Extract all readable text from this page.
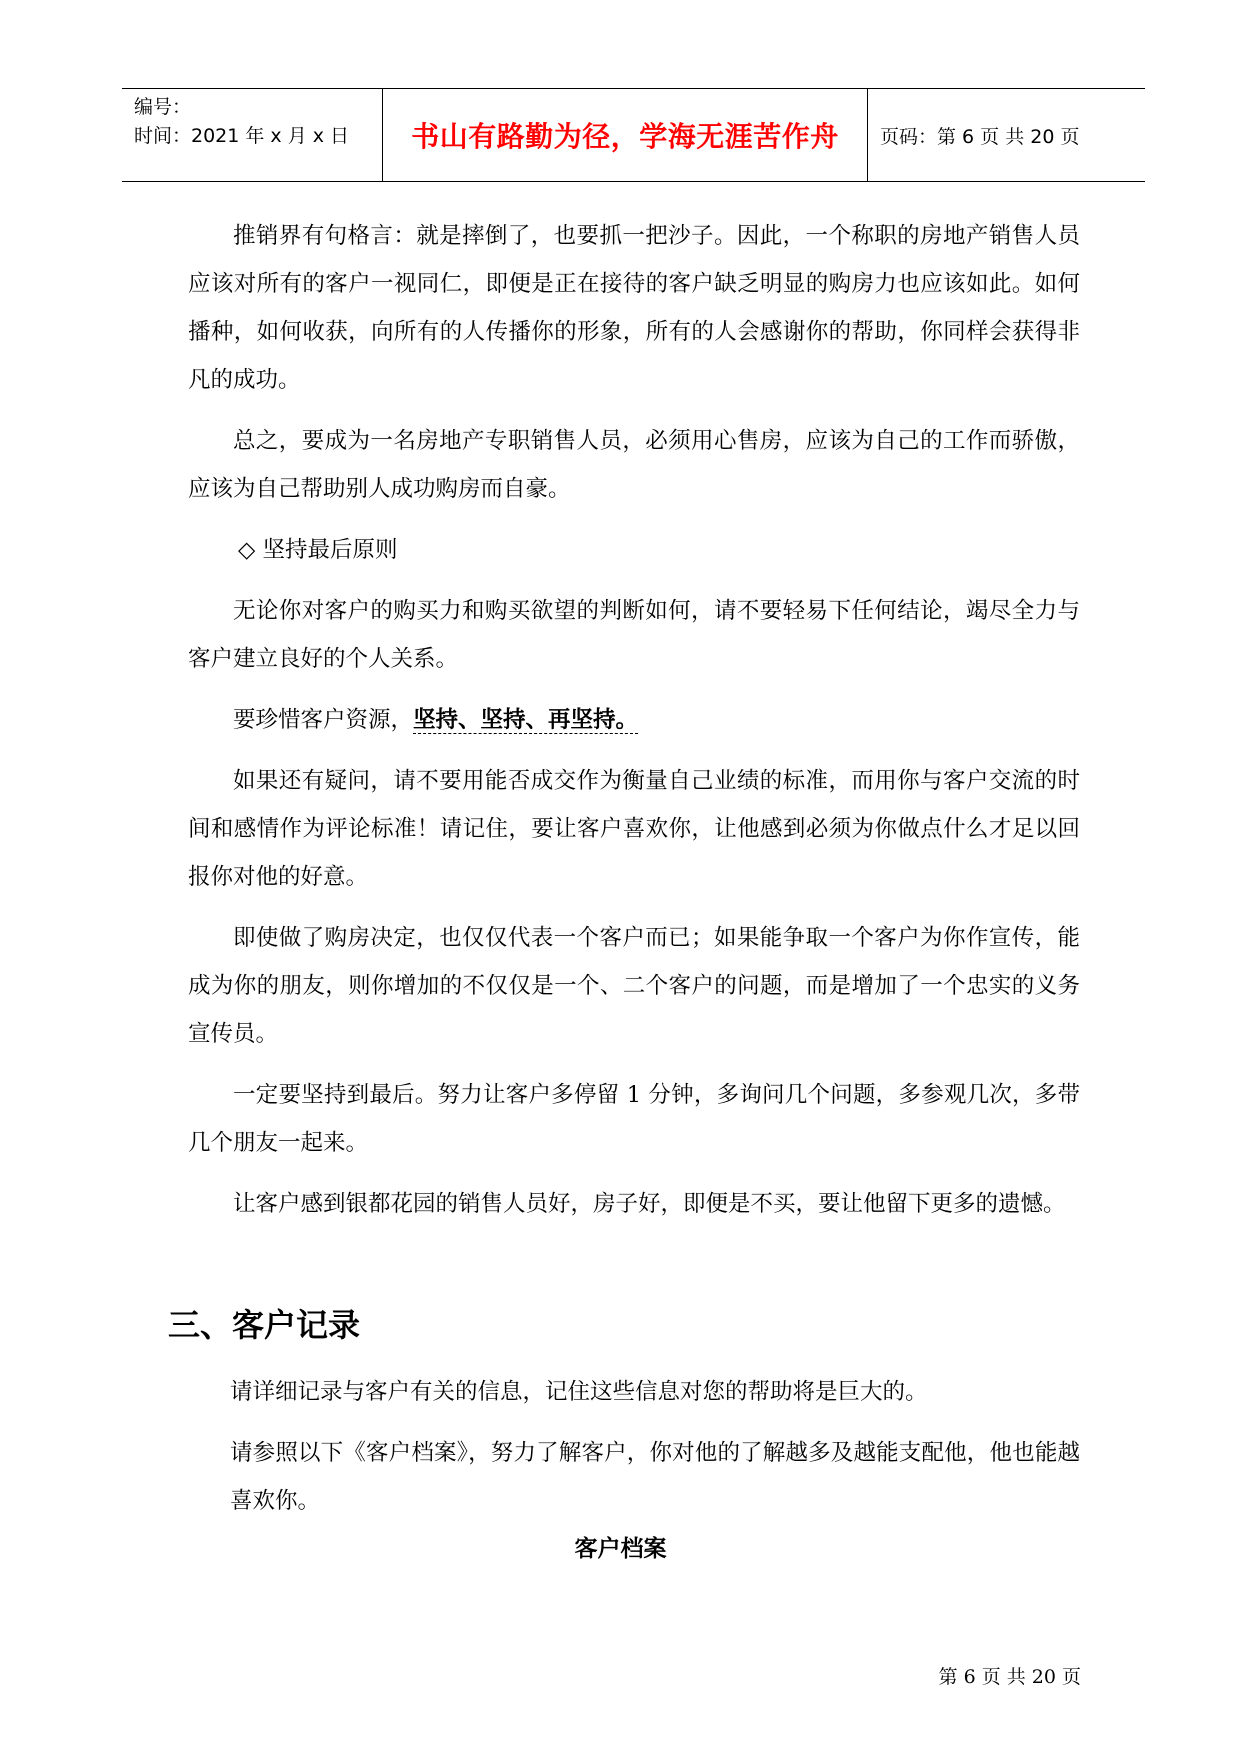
编号：
时间：2021 年 x 月 x 日	书山有路勤为径，学海无涯苦作舟	页码：第 6 页 共 20 页

推销界有句格言：就是摔倒了，也要抓一把沙子。因此，一个称职的房地产销售人员应该对所有的客户一视同仁，即便是正在接待的客户缺乏明显的购房力也应该如此。如何播种，如何收获，向所有的人传播你的形象，所有的人会感谢你的帮助，你同样会获得非凡的成功。

总之，要成为一名房地产专职销售人员，必须用心售房，应该为自己的工作而骄傲，应该为自己帮助别人成功购房而自豪。

◇ 坚持最后原则

无论你对客户的购买力和购买欲望的判断如何，请不要轻易下任何结论，竭尽全力与客户建立良好的个人关系。

要珍惜客户资源，坚持、坚持、再坚持。

如果还有疑问，请不要用能否成交作为衡量自己业绩的标准，而用你与客户交流的时间和感情作为评论标准！请记住，要让客户喜欢你，让他感到必须为你做点什么才足以回报你对他的好意。

即使做了购房决定，也仅仅代表一个客户而已；如果能争取一个客户为你作宣传，能成为你的朋友，则你增加的不仅仅是一个、二个客户的问题，而是增加了一个忠实的义务宣传员。

一定要坚持到最后。努力让客户多停留 1 分钟，多询问几个问题，多参观几次，多带几个朋友一起来。

让客户感到银都花园的销售人员好，房子好，即便是不买，要让他留下更多的遗憾。

三、客户记录

请详细记录与客户有关的信息，记住这些信息对您的帮助将是巨大的。

请参照以下《客户档案》，努力了解客户，你对他的了解越多及越能支配他，他也能越喜欢你。

客户档案
第 6 页 共 20 页
